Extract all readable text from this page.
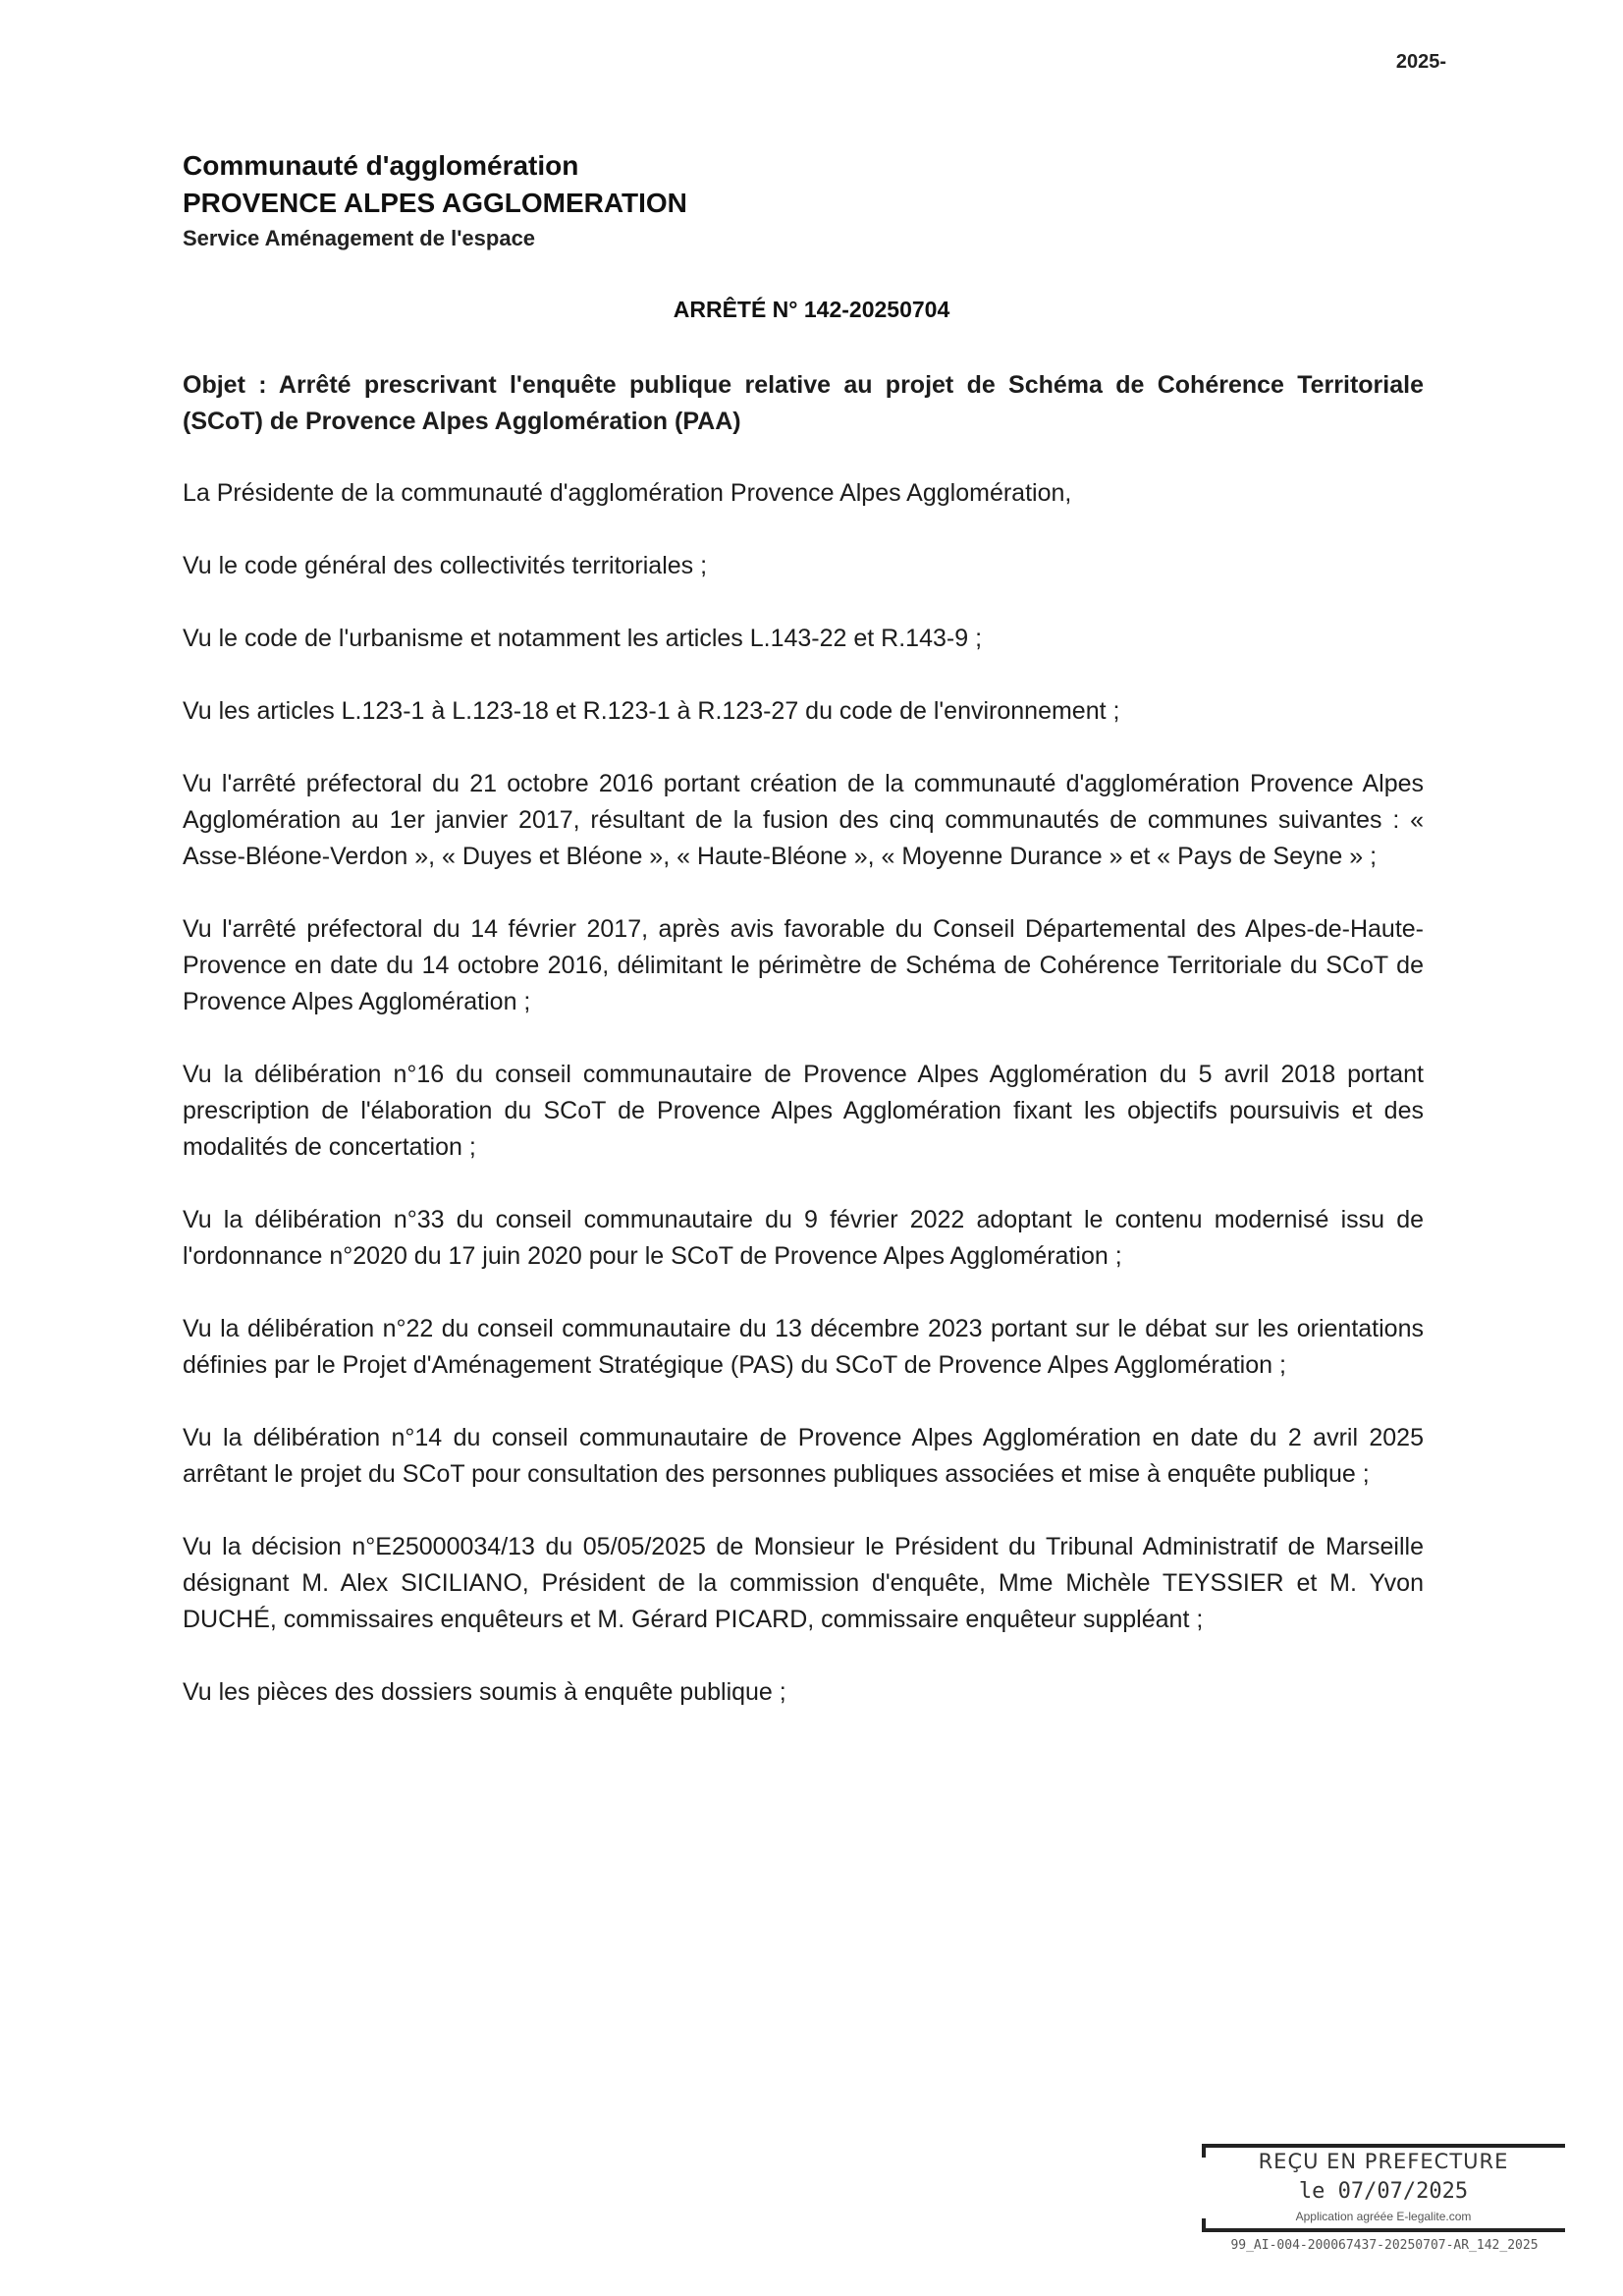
2025-
Communauté d'agglomération
PROVENCE ALPES AGGLOMERATION
Service Aménagement de l'espace
ARRÊTÉ N° 142-20250704

Objet : Arrêté prescrivant l'enquête publique relative au projet de Schéma de Cohérence Territoriale (SCoT) de Provence Alpes Agglomération (PAA)

La Présidente de la communauté d'agglomération Provence Alpes Agglomération,

Vu le code général des collectivités territoriales ;

Vu le code de l'urbanisme et notamment les articles L.143-22 et R.143-9 ;

Vu les articles L.123-1 à L.123-18 et R.123-1 à R.123-27 du code de l'environnement ;

Vu l'arrêté préfectoral du 21 octobre 2016 portant création de la communauté d'agglomération Provence Alpes Agglomération au 1er janvier 2017, résultant de la fusion des cinq communautés de communes suivantes : « Asse-Bléone-Verdon », « Duyes et Bléone », « Haute-Bléone », « Moyenne Durance » et « Pays de Seyne » ;

Vu l'arrêté préfectoral du 14 février 2017, après avis favorable du Conseil Départemental des Alpes-de-Haute-Provence en date du 14 octobre 2016, délimitant le périmètre de Schéma de Cohérence Territoriale du SCoT de Provence Alpes Agglomération ;

Vu la délibération n°16 du conseil communautaire de Provence Alpes Agglomération du 5 avril 2018 portant prescription de l'élaboration du SCoT de Provence Alpes Agglomération fixant les objectifs poursuivis et des modalités de concertation ;

Vu la délibération n°33 du conseil communautaire du 9 février 2022 adoptant le contenu modernisé issu de l'ordonnance n°2020 du 17 juin 2020 pour le SCoT de Provence Alpes Agglomération ;

Vu la délibération n°22 du conseil communautaire du 13 décembre 2023 portant sur le débat sur les orientations définies par le Projet d'Aménagement Stratégique (PAS) du SCoT de Provence Alpes Agglomération ;

Vu la délibération n°14 du conseil communautaire de Provence Alpes Agglomération en date du 2 avril 2025 arrêtant le projet du SCoT pour consultation des personnes publiques associées et mise à enquête publique ;

Vu la décision n°E25000034/13 du 05/05/2025 de Monsieur le Président du Tribunal Administratif de Marseille désignant M. Alex SICILIANO, Président de la commission d'enquête, Mme Michèle TEYSSIER et M. Yvon DUCHÉ, commissaires enquêteurs et M. Gérard PICARD, commissaire enquêteur suppléant ;

Vu les pièces des dossiers soumis à enquête publique ;

REÇU EN PREFECTURE
le 07/07/2025
Application agréée E-legalite.com
99_AI-004-200067437-20250707-AR_142_2025
